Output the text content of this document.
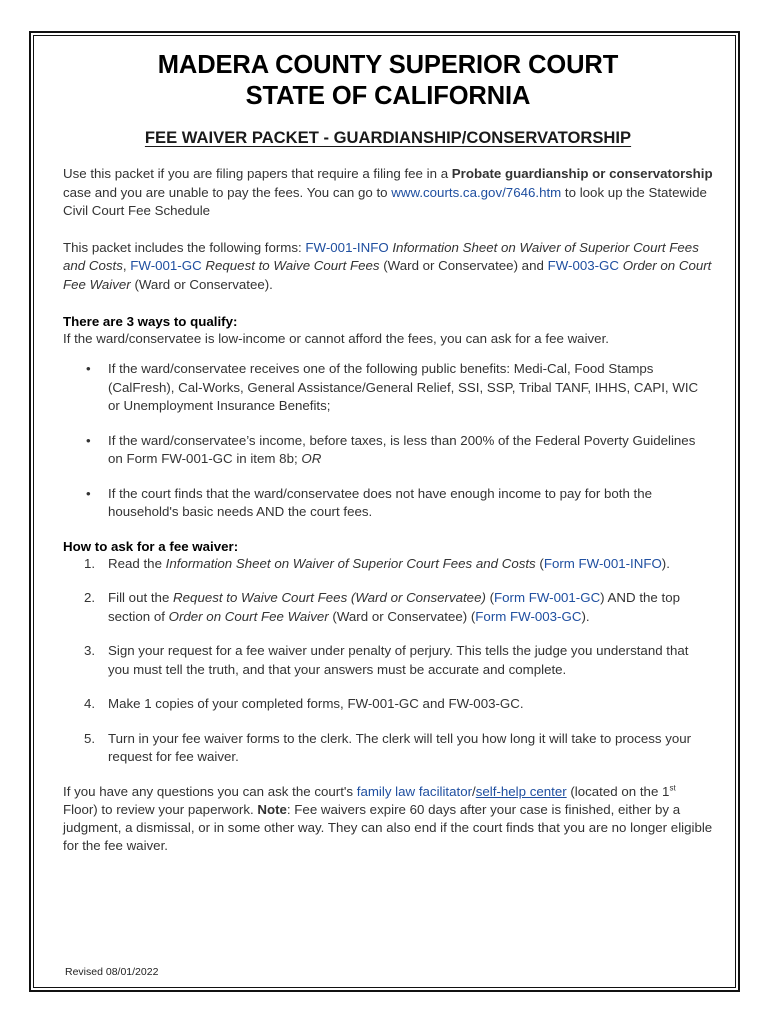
MADERA COUNTY SUPERIOR COURT
STATE OF CALIFORNIA
FEE WAIVER PACKET - GUARDIANSHIP/CONSERVATORSHIP

Use this packet if you are filing papers that require a filing fee in a Probate guardianship or conservatorship case and you are unable to pay the fees. You can go to www.courts.ca.gov/7646.htm to look up the Statewide Civil Court Fee Schedule

This packet includes the following forms: FW-001-INFO Information Sheet on Waiver of Superior Court Fees and Costs, FW-001-GC Request to Waive Court Fees (Ward or Conservatee) and FW-003-GC Order on Court Fee Waiver (Ward or Conservatee).

There are 3 ways to qualify:

If the ward/conservatee is low-income or cannot afford the fees, you can ask for a fee waiver.

• If the ward/conservatee receives one of the following public benefits: Medi-Cal, Food Stamps (CalFresh), Cal-Works, General Assistance/General Relief, SSI, SSP, Tribal TANF, IHHS, CAPI, WIC or Unemployment Insurance Benefits;
• If the ward/conservatee’s income, before taxes, is less than 200% of the Federal Poverty Guidelines on Form FW-001-GC in item 8b; OR
• If the court finds that the ward/conservatee does not have enough income to pay for both the household's basic needs AND the court fees.

How to ask for a fee waiver:

1. Read the Information Sheet on Waiver of Superior Court Fees and Costs (Form FW-001-INFO).
2. Fill out the Request to Waive Court Fees (Ward or Conservatee) (Form FW-001-GC) AND the top section of Order on Court Fee Waiver (Ward or Conservatee) (Form FW-003-GC).
3. Sign your request for a fee waiver under penalty of perjury. This tells the judge you understand that you must tell the truth, and that your answers must be accurate and complete.
4. Make 1 copies of your completed forms, FW-001-GC and FW-003-GC.
5. Turn in your fee waiver forms to the clerk. The clerk will tell you how long it will take to process your request for fee waiver.

If you have any questions you can ask the court's family law facilitator/self-help center (located on the 1st Floor) to review your paperwork. Note: Fee waivers expire 60 days after your case is finished, either by a judgment, a dismissal, or in some other way. They can also end if the court finds that you are no longer eligible for the fee waiver.

Revised 08/01/2022
